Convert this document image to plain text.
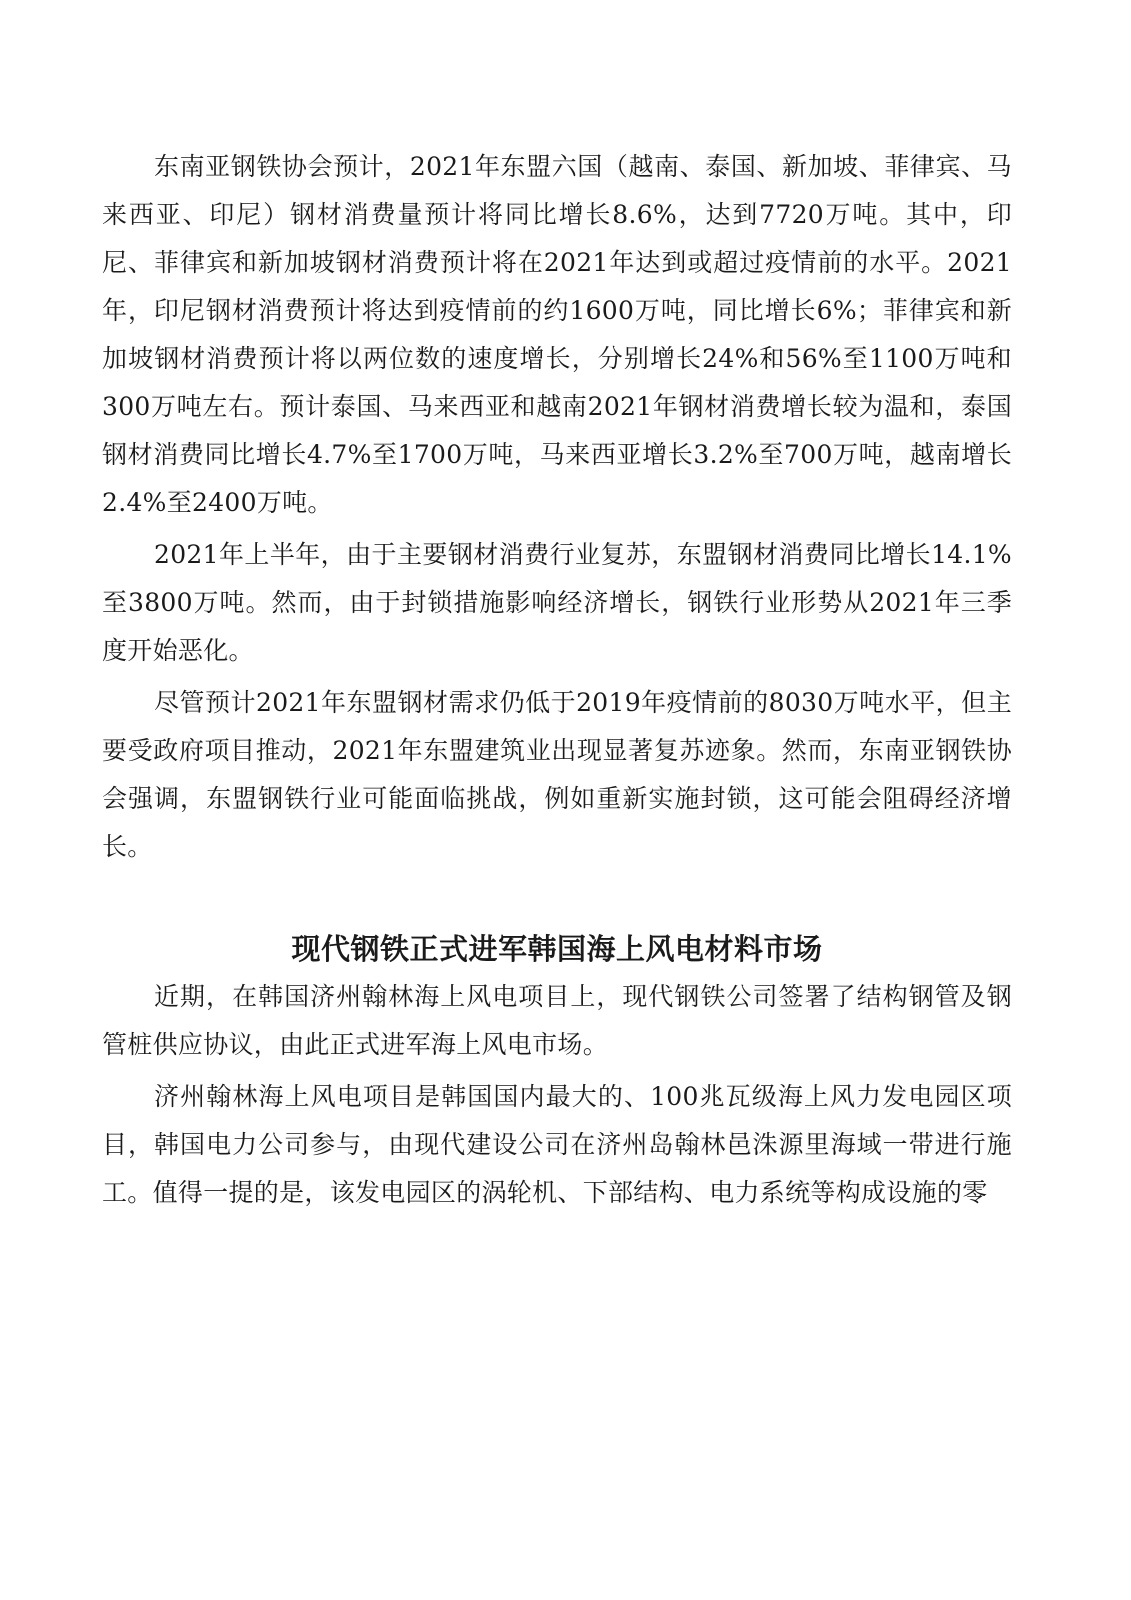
东南亚钢铁协会预计，2021年东盟六国（越南、泰国、新加坡、菲律宾、马来西亚、印尼）钢材消费量预计将同比增长8.6%，达到7720万吨。其中，印尼、菲律宾和新加坡钢材消费预计将在2021年达到或超过疫情前的水平。2021年，印尼钢材消费预计将达到疫情前的约1600万吨，同比增长6%；菲律宾和新加坡钢材消费预计将以两位数的速度增长，分别增长24%和56%至1100万吨和300万吨左右。预计泰国、马来西亚和越南2021年钢材消费增长较为温和，泰国钢材消费同比增长4.7%至1700万吨，马来西亚增长3.2%至700万吨，越南增长2.4%至2400万吨。

2021年上半年，由于主要钢材消费行业复苏，东盟钢材消费同比增长14.1%至3800万吨。然而，由于封锁措施影响经济增长，钢铁行业形势从2021年三季度开始恶化。

尽管预计2021年东盟钢材需求仍低于2019年疫情前的8030万吨水平，但主要受政府项目推动，2021年东盟建筑业出现显著复苏迹象。然而，东南亚钢铁协会强调，东盟钢铁行业可能面临挑战，例如重新实施封锁，这可能会阻碍经济增长。

现代钢铁正式进军韩国海上风电材料市场

近期，在韩国济州翰林海上风电项目上，现代钢铁公司签署了结构钢管及钢管桩供应协议，由此正式进军海上风电市场。

济州翰林海上风电项目是韩国国内最大的、100兆瓦级海上风力发电园区项目，韩国电力公司参与，由现代建设公司在济州岛翰林邑洙源里海域一带进行施工。值得一提的是，该发电园区的涡轮机、下部结构、电力系统等构成设施的零
